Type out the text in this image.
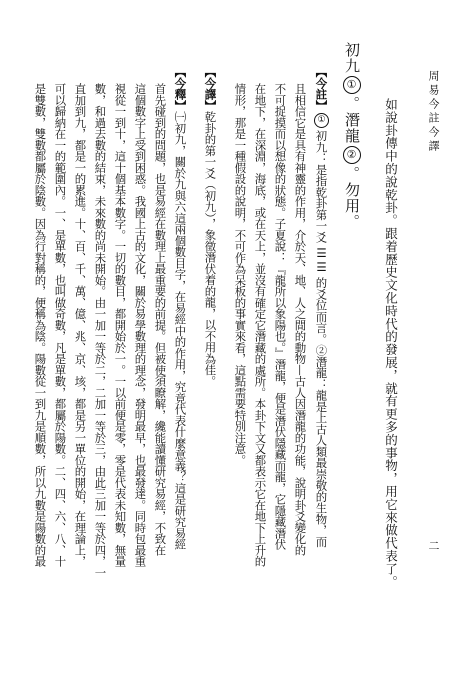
周易今註今譯
二
如說卦傳中的說乾卦。跟着歷史文化時代的發展，就有更多的事物，用它來做代表了。
初九①。潛龍②。勿用。
【今註】①初九：是指乾卦第一爻 ☰☰ 的爻位而言。②潛龍：龍是上古人類最崇敬的生物，而
且相信它是具有神靈的作用，介於天、地、人之間的動物—古人因潛龍的功能，說明卦爻變化的
不可捉摸而以想像的狀態。子夏說：『龍所以象陽也。』潛龍，便是潛伏隱藏而龍，它隱藏潛伏
在地下，在深淵，海底，或在天上，並沒有確定它潛藏的處所。本卦下文又都表示它在地下上升的
情形，那是一種假設的說明，不可作為呆板的事實來看，這點需要特別注意。
【今譯】乾卦的第一爻（初九），象徵潛伏着的龍，以不用為佳。
【今釋】㈠初九，關於九與六這兩個數目字，在易經中的作用，究竟代表什麼意義？這是研究易經
首先碰到的問題，也是易經在數理上最重要的前提。但被使須瞭解，纔能讀懂研究易經，不致在
這個數字上受到困惑。我國上古的文化，關於易學數理的理念，發明最早，也最發達。同時包最重
視從一到十，這十個基本數字。一切的數目，都開始於一。一以前便是零，零是代表未知數，無量
數，和過去數的結束，未來數的尚未開始。由一加一等於二，二加一等於三，由此三加一等於四，一
直加到九，都是一的累進。十、百、千、萬、億、兆、京、垓，都是另一單位的開始，在理論上，
可以歸納在一的範圍內。一、是單數，也叫做奇數，凡是單數，都屬於陽數。二、四、六、八、十
是雙數，雙數都屬於陰數。因為行對稱的，便稱為陰。陽數從一到九是順數，所以九數是陽數的最
